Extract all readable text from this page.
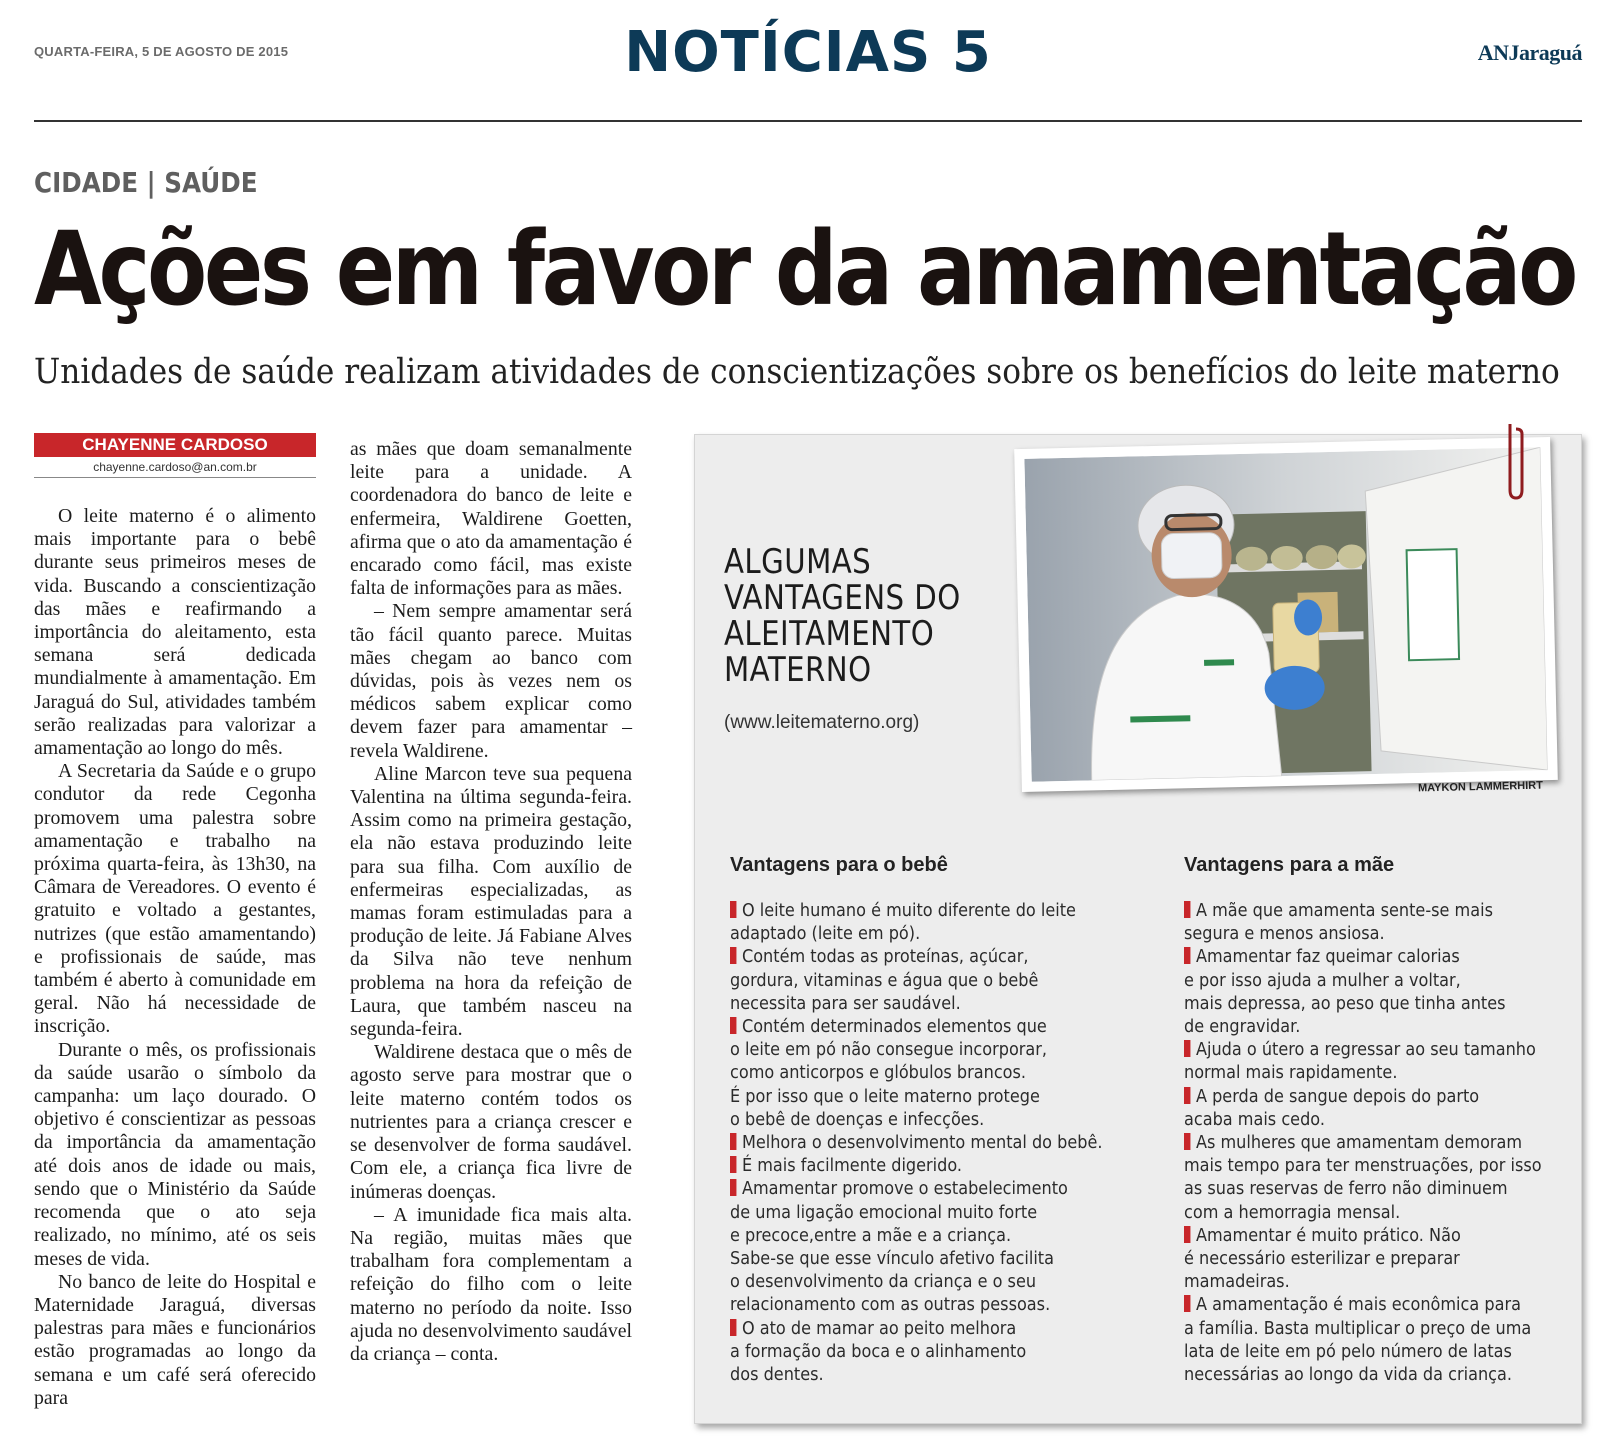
QUARTA-FEIRA, 5 DE AGOSTO DE 2015	NOTÍCIAS 5	ANJaraguá
CIDADE | SAÚDE
Ações em favor da amamentação
Unidades de saúde realizam atividades de conscientizações sobre os benefícios do leite materno
CHAYENNE CARDOSO
chayenne.cardoso@an.com.br

O leite materno é o alimento mais importante para o bebê durante seus primeiros meses de vida. Buscando a conscientização das mães e reafirmando a importância do aleitamento, esta semana será dedicada mundialmente à amamentação. Em Jaraguá do Sul, atividades também serão realizadas para valorizar a amamentação ao longo do mês.

A Secretaria da Saúde e o grupo condutor da rede Cegonha promovem uma palestra sobre amamentação e trabalho na próxima quarta-feira, às 13h30, na Câmara de Vereadores. O evento é gratuito e voltado a gestantes, nutrizes (que estão amamentando) e profissionais de saúde, mas também é aberto à comunidade em geral. Não há necessidade de inscrição.

Durante o mês, os profissionais da saúde usarão o símbolo da campanha: um laço dourado. O objetivo é conscientizar as pessoas da importância da amamentação até dois anos de idade ou mais, sendo que o Ministério da Saúde recomenda que o ato seja realizado, no mínimo, até os seis meses de vida.

No banco de leite do Hospital e Maternidade Jaraguá, diversas palestras para mães e funcionários estão programadas ao longo da semana e um café será oferecido para

as mães que doam semanalmente leite para a unidade. A coordenadora do banco de leite e enfermeira, Waldirene Goetten, afirma que o ato da amamentação é encarado como fácil, mas existe falta de informações para as mães.

– Nem sempre amamentar será tão fácil quanto parece. Muitas mães chegam ao banco com dúvidas, pois às vezes nem os médicos sabem explicar como devem fazer para amamentar – revela Waldirene.

Aline Marcon teve sua pequena Valentina na última segunda-feira. Assim como na primeira gestação, ela não estava produzindo leite para sua filha. Com auxílio de enfermeiras especializadas, as mamas foram estimuladas para a produção de leite. Já Fabiane Alves da Silva não teve nenhum problema na hora da refeição de Laura, que também nasceu na segunda-feira.

Waldirene destaca que o mês de agosto serve para mostrar que o leite materno contém todos os nutrientes para a criança crescer e se desenvolver de forma saudável. Com ele, a criança fica livre de inúmeras doenças.

– A imunidade fica mais alta. Na região, muitas mães que trabalham fora complementam a refeição do filho com o leite materno no período da noite. Isso ajuda no desenvolvimento saudável da criança – conta.

ALGUMAS
VANTAGENS DO
ALEITAMENTO
MATERNO
(www.leitematerno.org)
MAYKON LAMMERHIRT
Vantagens para o bebê	Vantagens para a mãe
O leite humano é muito diferente do leite
adaptado (leite em pó).
Contém todas as proteínas, açúcar,
gordura, vitaminas e água que o bebê
necessita para ser saudável.
Contém determinados elementos que
o leite em pó não consegue incorporar,
como anticorpos e glóbulos brancos.
É por isso que o leite materno protege
o bebê de doenças e infecções.
Melhora o desenvolvimento mental do bebê.
É mais facilmente digerido.
Amamentar promove o estabelecimento
de uma ligação emocional muito forte
e precoce,entre a mãe e a criança.
Sabe-se que esse vínculo afetivo facilita
o desenvolvimento da criança e o seu
relacionamento com as outras pessoas.
O ato de mamar ao peito melhora
a formação da boca e o alinhamento
dos dentes.
A mãe que amamenta sente-se mais
segura e menos ansiosa.
Amamentar faz queimar calorias
e por isso ajuda a mulher a voltar,
mais depressa, ao peso que tinha antes
de engravidar.
Ajuda o útero a regressar ao seu tamanho
normal mais rapidamente.
A perda de sangue depois do parto
acaba mais cedo.
As mulheres que amamentam demoram
mais tempo para ter menstruações, por isso
as suas reservas de ferro não diminuem
com a hemorragia mensal.
Amamentar é muito prático. Não
é necessário esterilizar e preparar
mamadeiras.
A amamentação é mais econômica para
a família. Basta multiplicar o preço de uma
lata de leite em pó pelo número de latas
necessárias ao longo da vida da criança.
